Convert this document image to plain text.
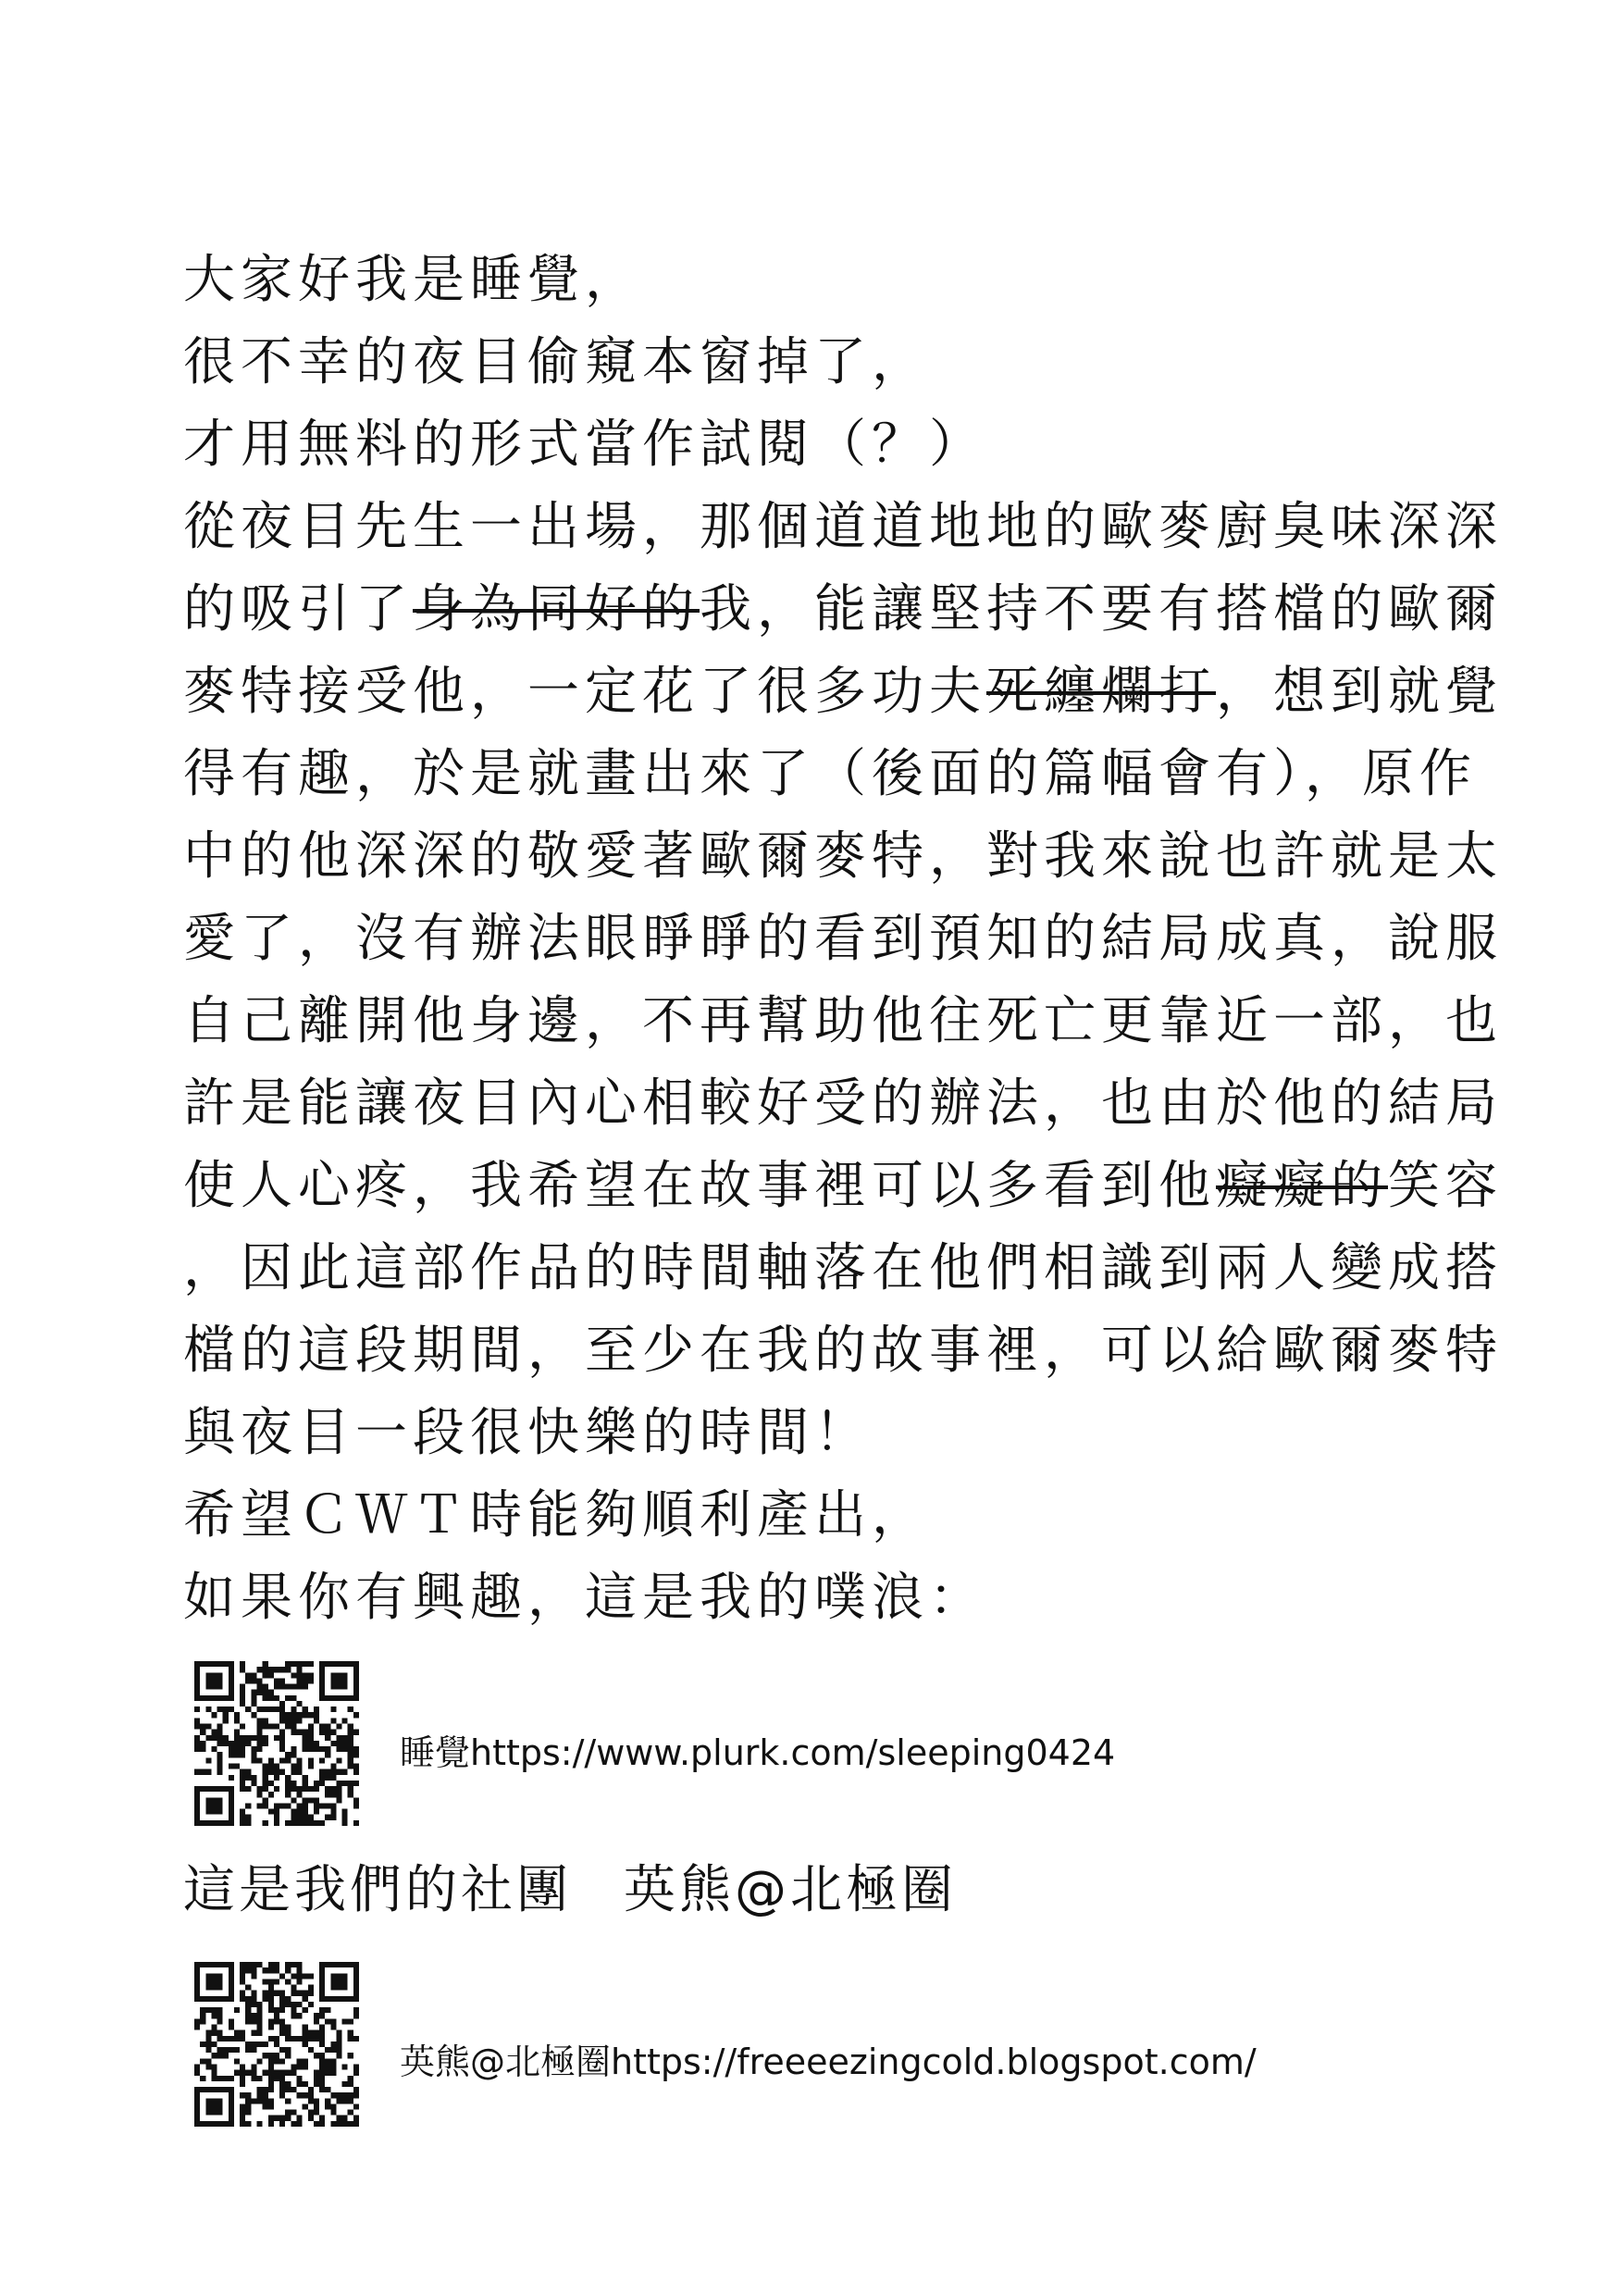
大家好我是睡覺，
很不幸的夜目偷窺本窗掉了，
才用無料的形式當作試閱（？）
從夜目先生一出場，那個道道地地的歐麥廚臭味深深
的吸引了身為同好的我，能讓堅持不要有搭檔的歐爾
麥特接受他，一定花了很多功夫死纏爛打，想到就覺
得有趣，於是就畫出來了（後面的篇幅會有），原作
中的他深深的敬愛著歐爾麥特，對我來說也許就是太
愛了，沒有辦法眼睜睜的看到預知的結局成真，說服
自己離開他身邊，不再幫助他往死亡更靠近一部，也
許是能讓夜目內心相較好受的辦法，也由於他的結局
使人心疼，我希望在故事裡可以多看到他癡癡的笑容
，因此這部作品的時間軸落在他們相識到兩人變成搭
檔的這段期間，至少在我的故事裡，可以給歐爾麥特
與夜目一段很快樂的時間！
希望ＣＷＴ時能夠順利產出，
如果你有興趣，這是我的噗浪：
睡覺https://www.plurk.com/sleeping0424
這是我們的社團 英熊@北極圈
英熊@北極圈https://freeeezingcold.blogspot.com/
